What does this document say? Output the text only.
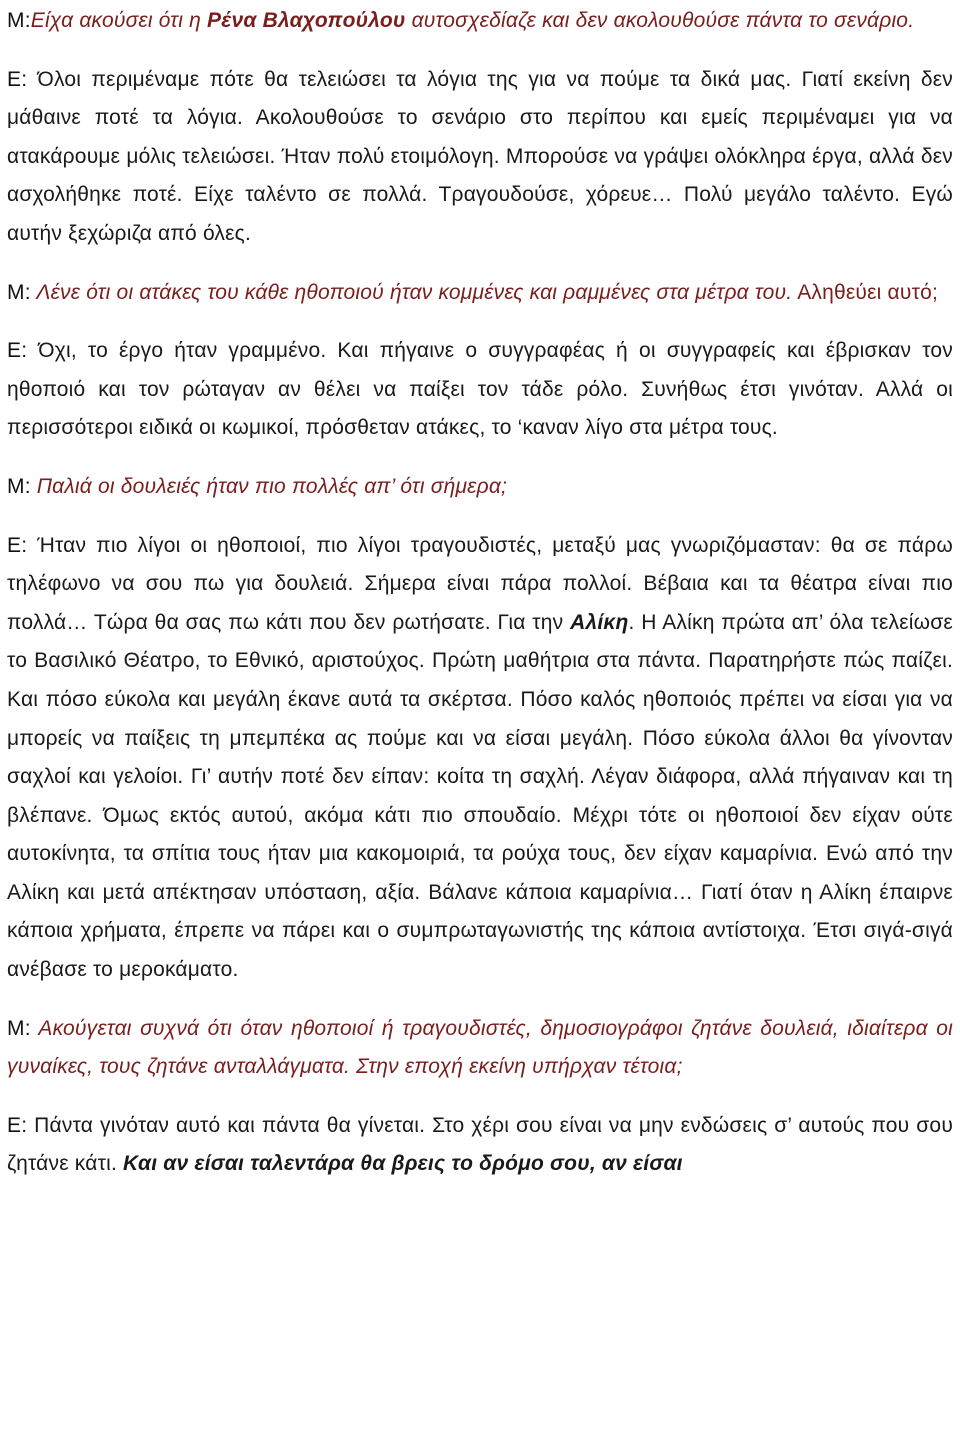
Μ:Είχα ακούσει ότι η Ρένα Βλαχοπούλου αυτοσχεδίαζε και δεν ακολουθούσε πάντα το σενάριο.

Ε: Όλοι περιμέναμε πότε θα τελειώσει τα λόγια της για να πούμε τα δικά μας. Γιατί εκείνη δεν μάθαινε ποτέ τα λόγια. Ακολουθούσε το σενάριο στο περίπου και εμείς περιμέναμει για να ατακάρουμε μόλις τελειώσει. Ήταν πολύ ετοιμόλογη. Μπορούσε να γράψει ολόκληρα έργα, αλλά δεν ασχολήθηκε ποτέ. Είχε ταλέντο σε πολλά. Τραγουδούσε, χόρευε… Πολύ μεγάλο ταλέντο. Εγώ αυτήν ξεχώριζα από όλες.

Μ: Λένε ότι οι ατάκες του κάθε ηθοποιού ήταν κομμένες και ραμμένες στα μέτρα του. Αληθεύει αυτό;

Ε: Όχι, το έργο ήταν γραμμένο. Και πήγαινε ο συγγραφέας ή οι συγγραφείς και έβρισκαν τον ηθοποιό και τον ρώταγαν αν θέλει να παίξει τον τάδε ρόλο. Συνήθως έτσι γινόταν. Αλλά οι περισσότεροι ειδικά οι κωμικοί, πρόσθεταν ατάκες, το ‘καναν λίγο στα μέτρα τους.

Μ: Παλιά οι δουλειές ήταν πιο πολλές απ’ ότι σήμερα;

Ε: Ήταν πιο λίγοι οι ηθοποιοί, πιο λίγοι τραγουδιστές, μεταξύ μας γνωριζόμασταν: θα σε πάρω τηλέφωνο να σου πω για δουλειά. Σήμερα είναι πάρα πολλοί. Βέβαια και τα θέατρα είναι πιο πολλά… Τώρα θα σας πω κάτι που δεν ρωτήσατε. Για την Αλίκη. Η Αλίκη πρώτα απ’ όλα τελείωσε το Βασιλικό Θέατρο, το Εθνικό, αριστούχος. Πρώτη μαθήτρια στα πάντα. Παρατηρήστε πώς παίζει. Και πόσο εύκολα και μεγάλη έκανε αυτά τα σκέρτσα. Πόσο καλός ηθοποιός πρέπει να είσαι για να μπορείς να παίξεις τη μπεμπέκα ας πούμε και να είσαι μεγάλη. Πόσο εύκολα άλλοι θα γίνονταν σαχλοί και γελοίοι. Γι’ αυτήν ποτέ δεν είπαν: κοίτα τη σαχλή. Λέγαν διάφορα, αλλά πήγαιναν και τη βλέπανε. Όμως εκτός αυτού, ακόμα κάτι πιο σπουδαίο. Μέχρι τότε οι ηθοποιοί δεν είχαν ούτε αυτοκίνητα, τα σπίτια τους ήταν μια κακομοιριά, τα ρούχα τους, δεν είχαν καμαρίνια. Ενώ από την Αλίκη και μετά απέκτησαν υπόσταση, αξία. Βάλανε κάποια καμαρίνια… Γιατί όταν η Αλίκη έπαιρνε κάποια χρήματα, έπρεπε να πάρει και ο συμπρωταγωνιστής της κάποια αντίστοιχα. Έτσι σιγά-σιγά ανέβασε το μεροκάματο.

Μ: Ακούγεται συχνά ότι όταν ηθοποιοί ή τραγουδιστές, δημοσιογράφοι ζητάνε δουλειά, ιδιαίτερα οι γυναίκες, τους ζητάνε ανταλλάγματα. Στην εποχή εκείνη υπήρχαν τέτοια;

Ε: Πάντα γινόταν αυτό και πάντα θα γίνεται. Στο χέρι σου είναι να μην ενδώσεις σ’ αυτούς που σου ζητάνε κάτι. Και αν είσαι ταλεντάρα θα βρεις το δρόμο σου, αν είσαι
